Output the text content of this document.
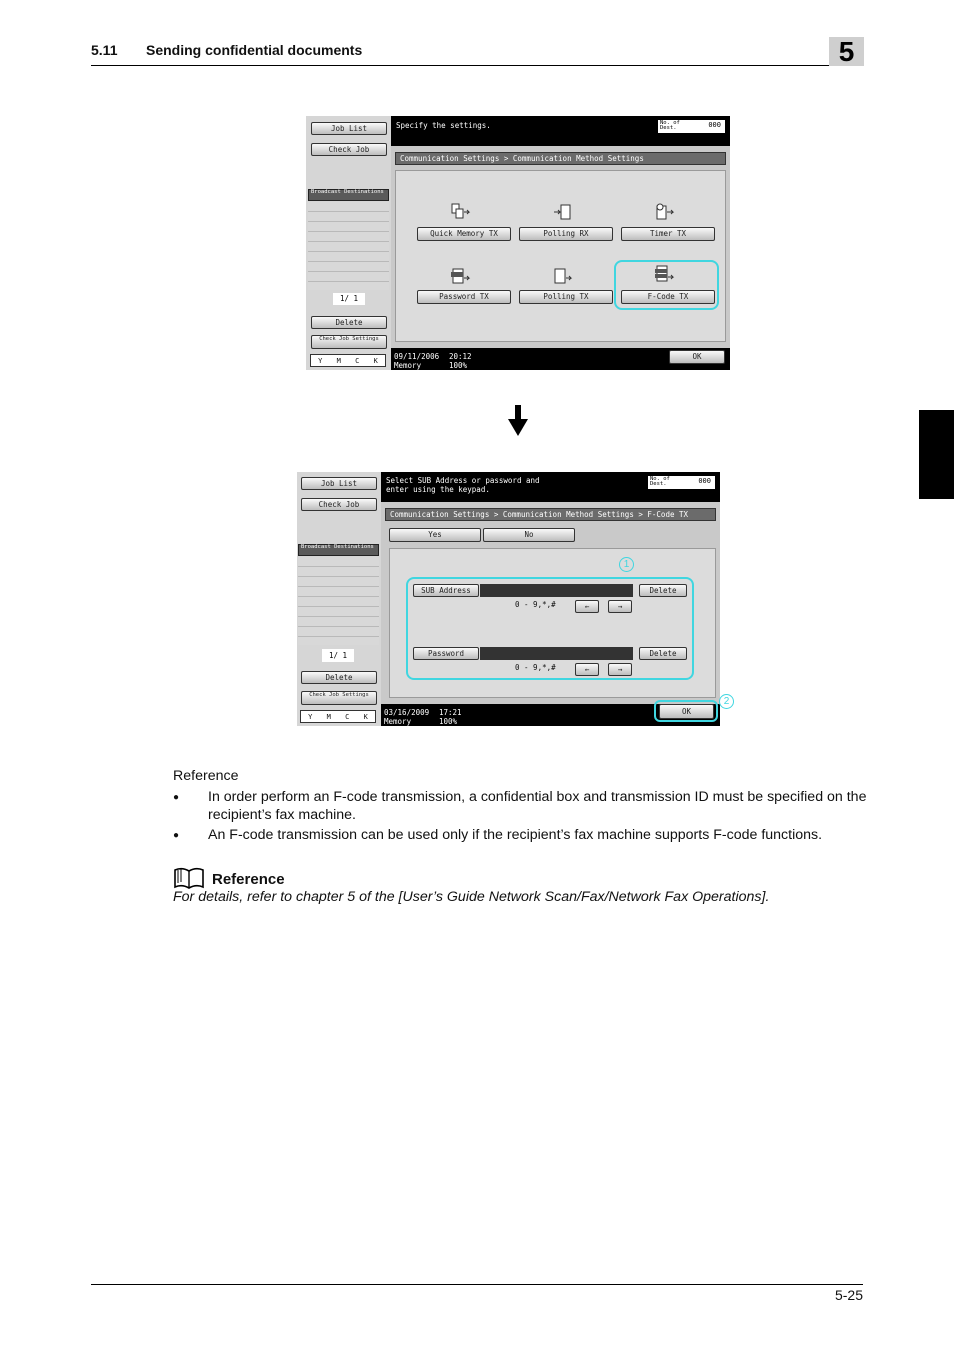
5.11 Sending confidential documents	5
Job List
Check Job
Broadcast Destinations
1/ 1
Delete
Check Job Settings
Y M C K
Specify the settings.	No. of Dest.	000
Communication Settings > Communication Method Settings
Quick Memory TX	Polling RX	Timer TX
Password TX	Polling TX	F-Code TX
09/11/2006 20:12
Memory	100%
OK
Job List
Check Job
Broadcast Destinations
1/ 1
Delete
Check Job Settings
Y M C K
Select SUB Address or password and enter using the keypad.
No. of Dest.	000
Communication Settings > Communication Method Settings > F-Code TX
Yes	No
SUB Address	Delete
0 - 9,*,#	←	→
Password	Delete
0 - 9,*,#	←	→
03/16/2009 17:21
Memory	100%
OK
1
2
Reference
● In order perform an F-code transmission, a confidential box and transmission ID must be specified on the recipient’s fax machine.
● An F-code transmission can be used only if the recipient’s fax machine supports F-code functions.
Reference
For details, refer to chapter 5 of the [User’s Guide Network Scan/Fax/Network Fax Operations].
5-25
